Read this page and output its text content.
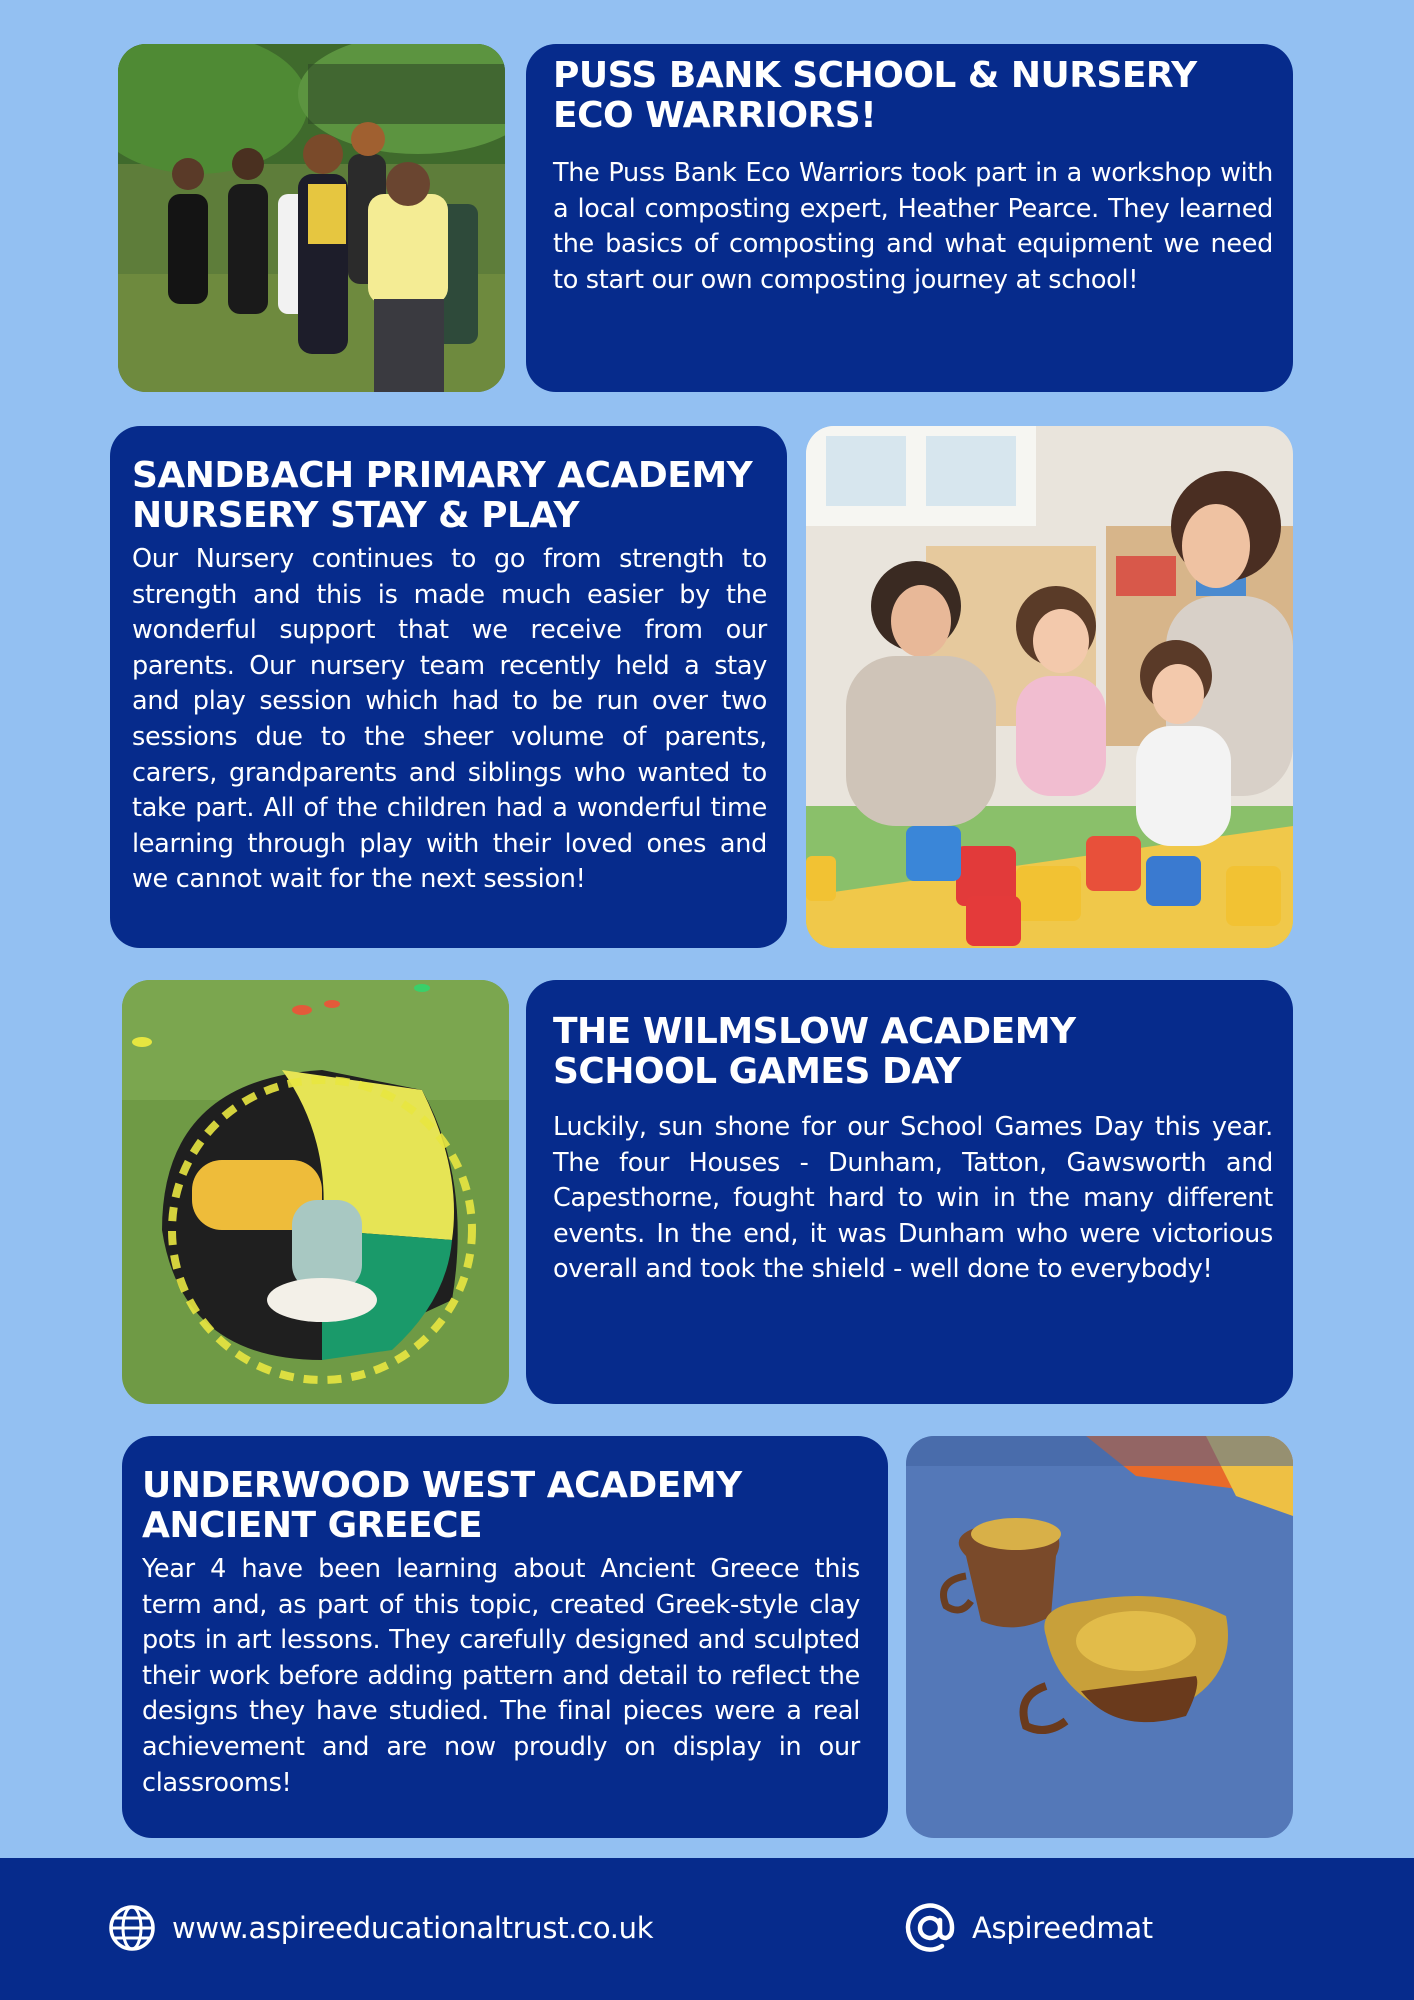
PUSS BANK SCHOOL & NURSERY
ECO WARRIORS!

The Puss Bank Eco Warriors took part in a workshop with a local composting expert, Heather Pearce. They learned the basics of composting and what equipment we need to start our own composting journey at school!

SANDBACH PRIMARY ACADEMY
NURSERY STAY & PLAY

Our Nursery continues to go from strength to strength and this is made much easier by the wonderful support that we receive from our parents. Our nursery team recently held a stay and play session which had to be run over two sessions due to the sheer volume of parents, carers, grandparents and siblings who wanted to take part. All of the children had a wonderful time learning through play with their loved ones and we cannot wait for the next session!

THE WILMSLOW ACADEMY
SCHOOL GAMES DAY

Luckily, sun shone for our School Games Day this year. The four Houses - Dunham, Tatton, Gawsworth and Capesthorne, fought hard to win in the many different events. In the end, it was Dunham who were victorious overall and took the shield - well done to everybody!

UNDERWOOD WEST ACADEMY
ANCIENT GREECE

Year 4 have been learning about Ancient Greece this term and, as part of this topic, created Greek-style clay pots in art lessons. They carefully designed and sculpted their work before adding pattern and detail to reflect the designs they have studied. The final pieces were a real achievement and are now proudly on display in our classrooms!

www.aspireeducationaltrust.co.uk	Aspireedmat
